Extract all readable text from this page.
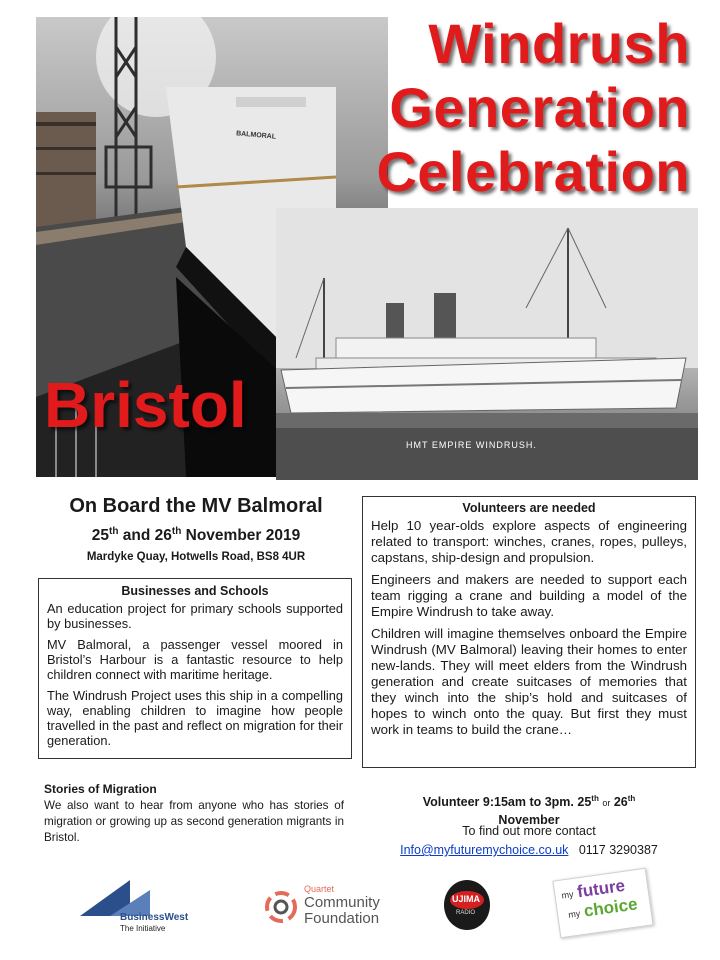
BALMORAL
HMT EMPIRE WINDRUSH.
Windrush
Generation
Celebration
Bristol
On Board the MV Balmoral
25th and 26th November 2019
Mardyke Quay, Hotwells Road, BS8 4UR
Businesses and Schools

An education project for primary schools supported by businesses.

MV Balmoral, a passenger vessel moored in Bristol’s Harbour is a fantastic resource to help children connect with maritime heritage.

The Windrush Project uses this ship in a compelling way, enabling children to imagine how people travelled in the past and reflect on migration for their generation.

Volunteers are needed

Help 10 year-olds explore aspects of engineering related to transport: winches, cranes, ropes, pulleys, capstans, ship-design and propulsion.

Engineers and makers are needed to support each team rigging a crane and building a model of the Empire Windrush to take away.

Children will imagine themselves onboard the Empire Windrush (MV Balmoral) leaving their homes to enter new-lands. They will meet elders from the Windrush generation and create suitcases of memories that they winch into the ship’s hold and suitcases of hopes to winch onto the quay. But first they must work in teams to build the crane…

Stories of Migration
We also want to hear from anyone who has stories of migration or growing up as second generation migrants in Bristol.
Volunteer 9:15am to 3pm. 25th or 26th
November
To find out more contact
Info@myfuturemychoice.co.uk 0117 3290387
BusinessWest
The Initiative
Quartet
Community
Foundation
UJIMA
RADIO
my future
my choice
